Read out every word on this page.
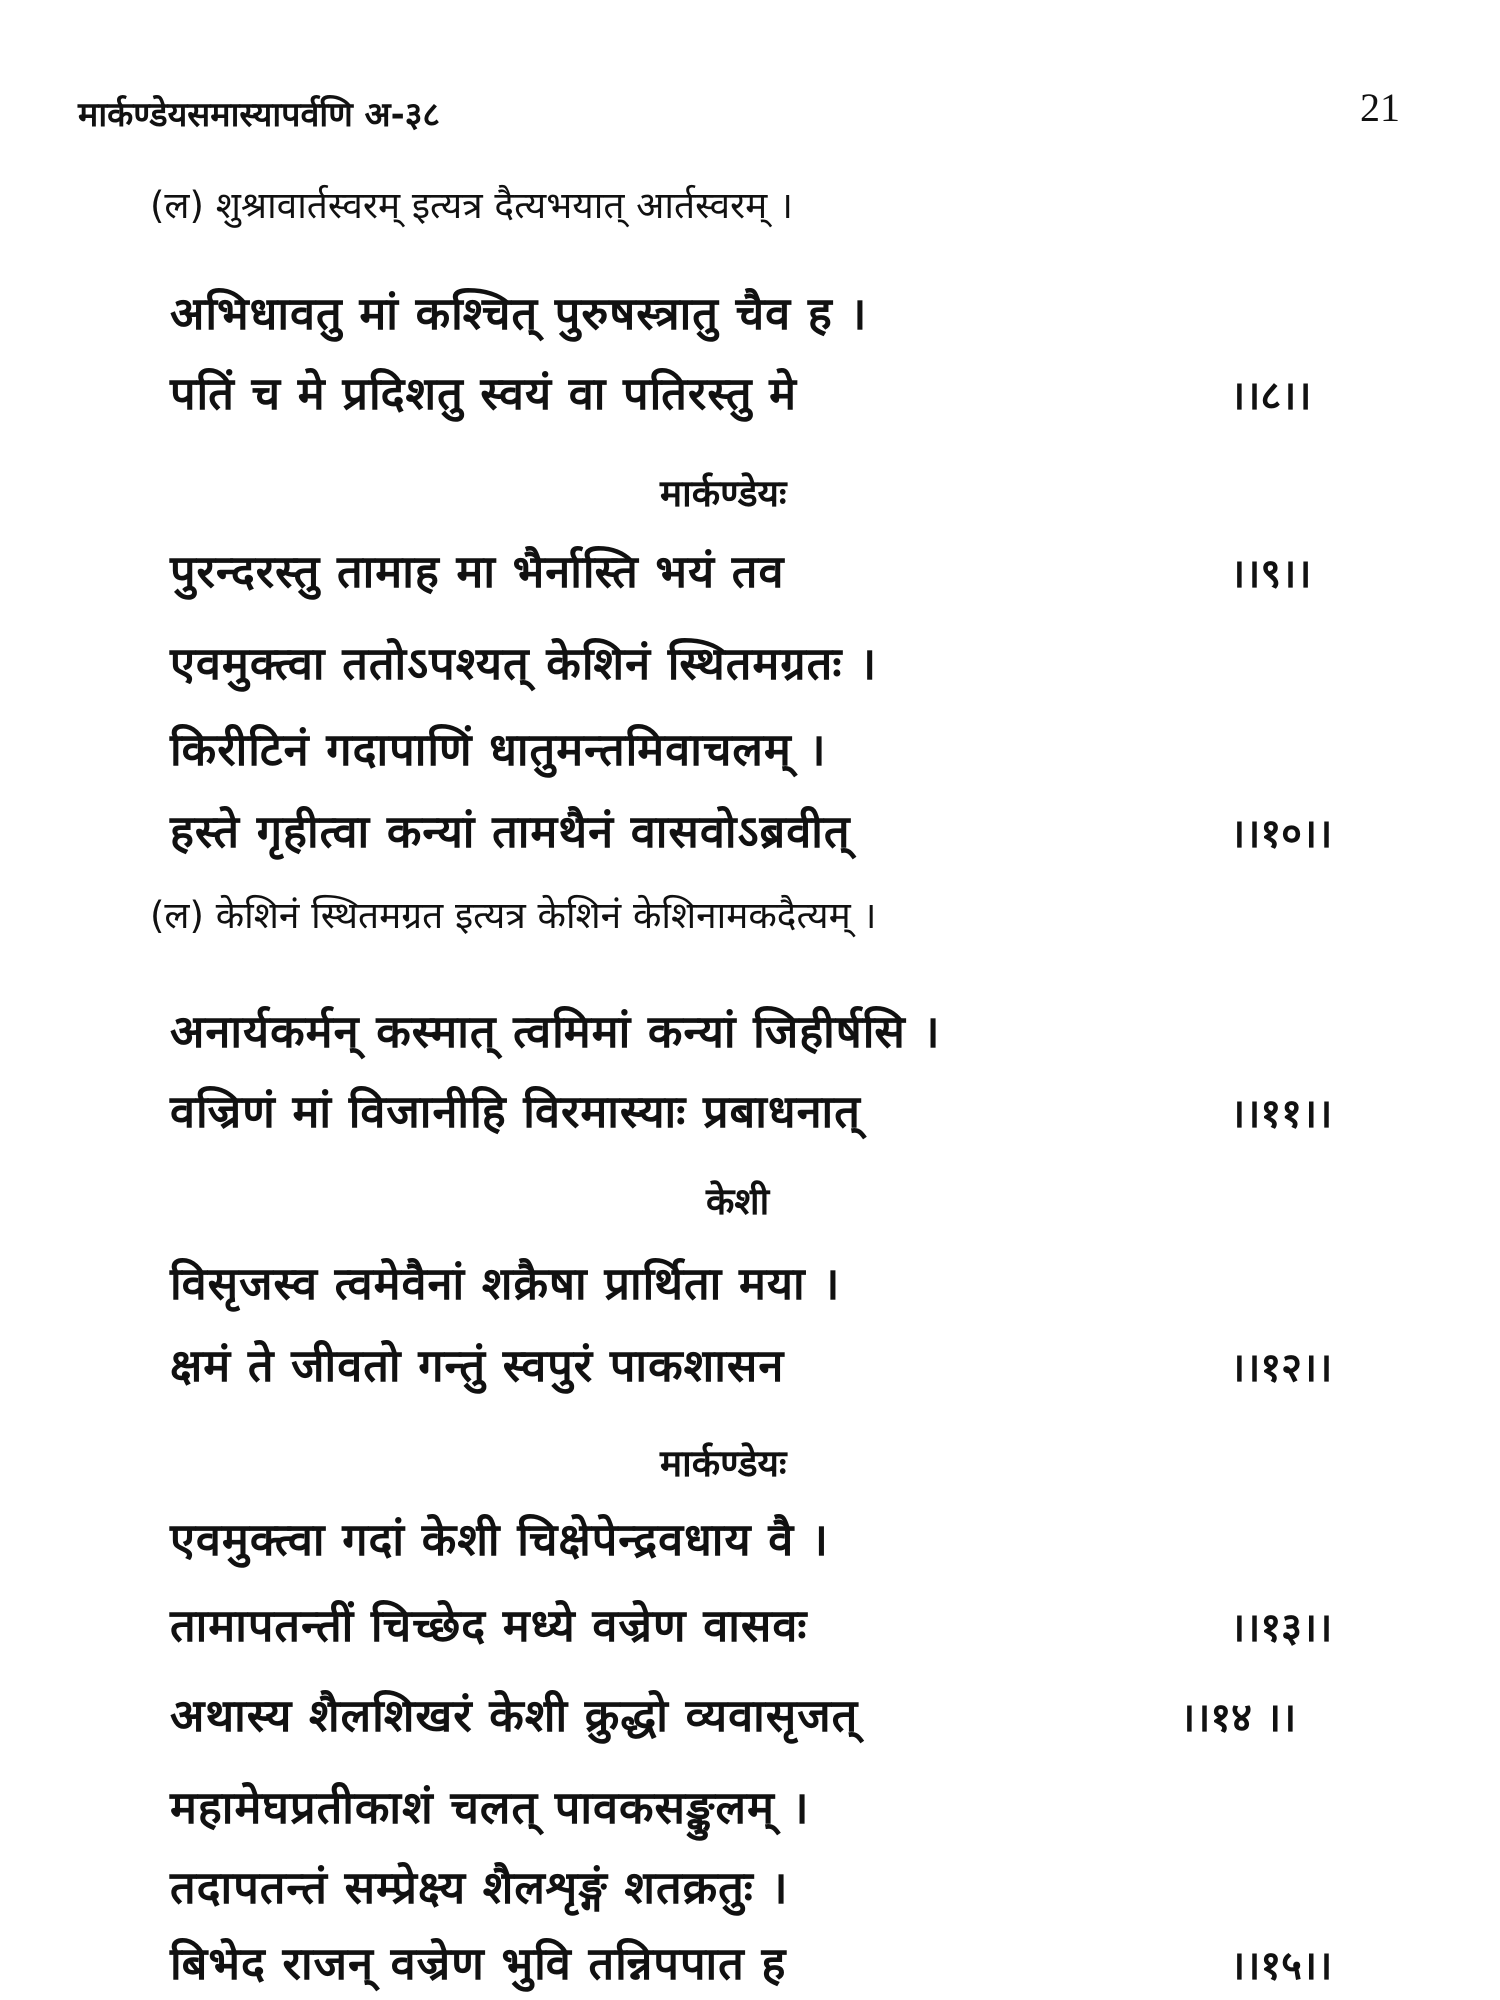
मार्कण्डेयसमास्यापर्वणि अ-३८	21
(ल) शुश्रावार्तस्वरम् इत्यत्र दैत्यभयात् आर्तस्वरम् ।
अभिधावतु मां कश्चित् पुरुषस्त्रातु चैव ह ।
पतिं च मे प्रदिशतु स्वयं वा पतिरस्तु मे	।।८।।
मार्कण्डेयः
पुरन्दरस्तु तामाह मा भैर्नास्ति भयं तव	।।९।।
एवमुक्त्वा ततोऽपश्यत् केशिनं स्थितमग्रतः ।
किरीटिनं गदापाणिं धातुमन्तमिवाचलम् ।
हस्ते गृहीत्वा कन्यां तामथैनं वासवोऽब्रवीत्	।।१०।।
(ल) केशिनं स्थितमग्रत इत्यत्र केशिनं केशिनामकदैत्यम् ।
अनार्यकर्मन् कस्मात् त्वमिमां कन्यां जिहीर्षसि ।
वज्रिणं मां विजानीहि विरमास्याः प्रबाधनात्	।।११।।
केशी
विसृजस्व त्वमेवैनां शक्रैषा प्रार्थिता मया ।
क्षमं ते जीवतो गन्तुं स्वपुरं पाकशासन	।।१२।।
मार्कण्डेयः
एवमुक्त्वा गदां केशी चिक्षेपेन्द्रवधाय वै ।
तामापतन्तीं चिच्छेद मध्ये वज्रेण वासवः	।।१३।।
अथास्य शैलशिखरं केशी क्रुद्धो व्यवासृजत्	।।१४ ।।
महामेघप्रतीकाशं चलत् पावकसङ्कुलम् ।
तदापतन्तं सम्प्रेक्ष्य शैलशृङ्गं शतक्रतुः ।
बिभेद राजन् वज्रेण भुवि तन्निपपात ह	।।१५।।
